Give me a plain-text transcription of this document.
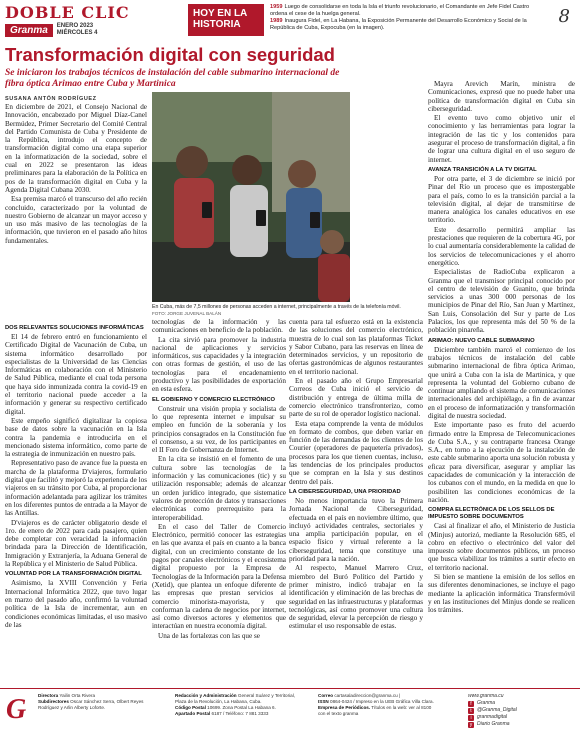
DOBLE CLIC
Granma	ENERO 2023
MIÉRCOLES 4
HOY EN LA
HISTORIA
1959 Luego de consolidarse en toda la Isla el triunfo revolucionario, el Comandante en Jefe Fidel Castro ordena el cese de la huelga general.
1989 Inaugura Fidel, en La Habana, la Exposición Permanente del Desarrollo Económico y Social de la República de Cuba, Expocuba (en la imagen).
8
Transformación digital con seguridad
Se iniciaron los trabajos técnicos de instalación del cable submarino internacional de fibra óptica Arimao entre Cuba y Martinica
SUSANA ANTÓN RODRÍGUEZ
En Cuba, más de 7,5 millones de personas acceden a internet, principalmente a través de la telefonía móvil.
FOTO: JORGE JUVENAL BALÁN

En diciembre de 2021, el Consejo Nacional de Innovación, encabezado por Miguel Díaz-Canel Bermúdez, Primer Secretario del Comité Central del Partido Comunista de Cuba y Presidente de la República, introdujo el concepto de transformación digital como una etapa superior en la informatización de la sociedad, sobre el cual en 2022 se presentaron las ideas preliminares para la elaboración de la Política en pos de la transformación digital en Cuba y la Agenda Digital Cubana 2030.

Esa premisa marcó el transcurso del año recién concluido, caracterizado por la voluntad de nuestro Gobierno de alcanzar un mayor acceso y un uso más masivo de las tecnologías de la información, que tuvieron en el pasado año hitos fundamentales.

DOS RELEVANTES SOLUCIONES INFORMÁTICAS

El 14 de febrero entró en funcionamiento el Certificado Digital de Vacunación de Cuba, un sistema informático desarrollado por especialistas de la Universidad de las Ciencias Informáticas en colaboración con el Ministerio de Salud Pública, mediante el cual toda persona que haya sido inmunizada contra la covid-19 en el territorio nacional puede acceder a la información y generar su respectivo certificado digital.

Este empeño significó digitalizar la copiosa base de datos sobre la vacunación en la Isla contra la pandemia e introducirla en el mencionado sistema informático, como parte de la estrategia de inmunización en nuestro país.

Representativo paso de avance fue la puesta en marcha de la plataforma D'viajeros, formulario digital que facilitó y mejoró la experiencia de los viajeros en su tránsito por Cuba, al proporcionar información adelantada para agilizar los trámites en los diferentes puntos de entrada a la Mayor de las Antillas.

D'viajeros es de carácter obligatorio desde el 1ro. de enero de 2022 para cada pasajero, quien debe completar con veracidad la información brindada para la Dirección de Identificación, Inmigración y Extranjería, la Aduana General de la República y el Ministerio de Salud Pública.

VOLUNTAD POR LA TRANSFORMACIÓN DIGITAL

Asimismo, la XVIII Convención y Feria Internacional Informática 2022, que tuvo lugar en marzo del pasado año, confirmó la voluntad política de la Isla de incrementar, aun en condiciones económicas limitadas, el uso masivo de las

tecnologías de la información y las comunicaciones en beneficio de la población.

La cita sirvió para promover la industria nacional de aplicaciones y servicios informáticos, sus capacidades y la integración con otras formas de gestión, el uso de las tecnologías para el encadenamiento productivo y las posibilidades de exportación en esta esfera.

EL GOBIERNO Y COMERCIO ELECTRÓNICO

Construir una visión propia y socialista de lo que representa internet e impulsar su empleo en función de la soberanía y los principios consagrados en la Constitución fue el consenso, a su vez, de los participantes en el II Foro de Gobernanza de Internet.

En la cita se insistió en el fomento de una cultura sobre las tecnologías de la información y las comunicaciones (tic) y su utilización responsable; además de alcanzar un orden jurídico integrado, que sistematice valores de protección de datos y transacciones electrónicas como prerrequisito para la interoperabilidad.

En el caso del Taller de Comercio Electrónico, permitió conocer las estrategias en las que avanza el país en cuanto a la banca digital, con un crecimiento constante de los pagos por canales electrónicos y el ecosistema digital propuesto por la Empresa de Tecnologías de la Información para la Defensa (Xetid), que plantea un enfoque diferente de las empresas que prestan servicios al comercio minorista-mayorista, y que conforman la cadena de negocios por internet, así como diversos actores y elementos que interactúan en nuestra economía digital.

Una de las fortalezas con las que se

cuenta para tal esfuerzo está en la existencia de las soluciones del comercio electrónico, muestra de lo cual son las plataformas Ticket y Sabor Cubano, para las reservas en línea de determinados servicios, y un repositorio de ofertas gastronómicas de algunos restaurantes en el territorio nacional.

En el pasado año el Grupo Empresarial Correos de Cuba inició el servicio de distribución y entrega de última milla de comercio electrónico transfronterizo, como parte de su rol de operador logístico nacional.

Esta etapa comprende la venta de módulos en formato de combos, que deben variar en función de las demandas de los clientes de los Courier (operadores de paquetería privados), procesos para los que tienen cuentas, incluso, las tendencias de los principales productos que se compran en la Isla y sus destinos dentro del país.

LA CIBERSEGURIDAD, UNA PRIORIDAD

No menos importancia tuvo la Primera Jornada Nacional de Ciberseguridad, efectuada en el país en noviembre último, que incluyó actividades centrales, sectoriales y una amplia participación popular, en el espacio físico y virtual referente a la ciberseguridad, tema que constituye una prioridad para la nación.

Al respecto, Manuel Marrero Cruz, miembro del Buró Político del Partido y primer ministro, indicó trabajar en la identificación y eliminación de las brechas de seguridad en las infraestructuras y plataformas tecnológicas, así como promover una cultura de seguridad, elevar la percepción de riesgo y estimular el uso responsable de estas.

Mayra Arevich Marín, ministra de Comunicaciones, expresó que no puede haber una política de transformación digital en Cuba sin ciberseguridad.

El evento tuvo como objetivo unir el conocimiento y las herramientas para lograr la integración de las tic y los contenidos para asegurar el proceso de transformación digital, a fin de lograr una cultura digital en el uso seguro de internet.

AVANZA TRANSICIÓN A LA TV DIGITAL

Por otra parte, el 3 de diciembre se inició por Pinar del Río un proceso que es impostergable para el país, como lo es la transición parcial a la televisión digital, al dejar de transmitirse de manera analógica los canales educativos en ese territorio.

Este desarrollo permitirá ampliar las prestaciones que requieren de la cobertura 4G, por lo cual aumentaría considerablemente la calidad de los servicios de telecomunicaciones y el ahorro energético.

Especialistas de RadioCuba explicaron a Granma que el transmisor principal conocido por el centro de televisión de Guanito, que brinda servicios a unas 300 000 personas de los municipios de Pinar del Río, San Juan y Martínez, San Luis, Consolación del Sur y parte de Los Palacios, los que representa más del 50 % de la población pinareña.

ARIMAO: NUEVO CABLE SUBMARINO

Diciembre también marcó el comienzo de los trabajos técnicos de instalación del cable submarino internacional de fibra óptica Arimao, que unirá a Cuba con la isla de Martinica, y que representa la voluntad del Gobierno cubano de continuar ampliando el sistema de comunicaciones internacionales del archipiélago, a fin de avanzar en el proceso de informatización y transformación digital de nuestra sociedad.

Este importante paso es fruto del acuerdo firmado entre la Empresa de Telecomunicaciones de Cuba S.A., y su contraparte francesa Orange S.A., en torno a la ejecución de la instalación de este cable submarino aporta una solución robusta y eficaz para diversificar, asegurar y ampliar las capacidades de comunicación y la interacción de los cubanos con el mundo, en la medida en que lo posibiliten las condiciones económicas de la nación.

COMPRA ELECTRÓNICA DE LOS SELLOS DE IMPUESTO SOBRE DOCUMENTOS

Casi al finalizar el año, el Ministerio de Justicia (Minjus) autorizó, mediante la Resolución 685, el cobro en efectivo o electrónico del valor del impuesto sobre documentos públicos, un proceso que busca viabilizar los trámites a surtir efecto en el territorio nacional.

Si bien se mantiene la emisión de los sellos en sus diferentes denominaciones, se incluye el pago mediante la aplicación informática Transfermóvil y en las instituciones del Minjus donde se realicen los trámites.

G	Directora Yailin Orta Rivera
Subdirectores Oscar Sánchez Serra, Olbert Reyes Rodríguez y Arlin Alberty Loforte.
Redacción y Administración General Suárez y Territorial, Plaza de la Revolución, La Habana, Cuba.
Código Postal 10699. Zona Postal La Habana 6.
Apartado Postal 6187 / Teléfono: 7 881 3333
Correo cartasaladireccion@granma.cu |
ISSN 0864-0424 / Impreso en la UEB Gráfica Villa Clara.
Empresa de Periódicos. Títulos en la web: ver al 8100 con el texto granma
www.granma.cu
f	Granma
t	@Granma_Digital
i	granmadigital
y Diario Granma
